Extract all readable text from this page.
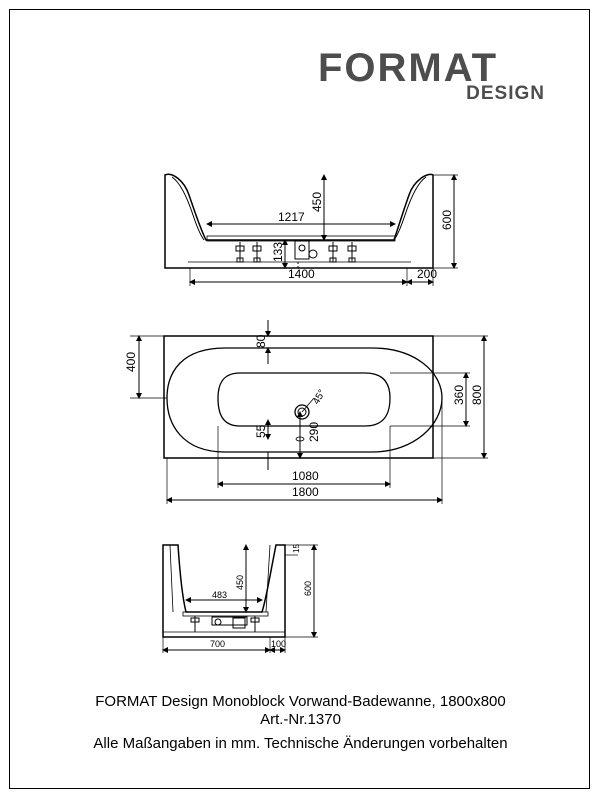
FORMAT
DESIGN
1217
450
133
1400	200
600
80
400
360 800
55	290
45°
1080
1800
483
450
15
600
700	100
FORMAT Design Monoblock Vorwand-Badewanne, 1800x800
Art.-Nr.1370
Alle Maßangaben in mm. Technische Änderungen vorbehalten
